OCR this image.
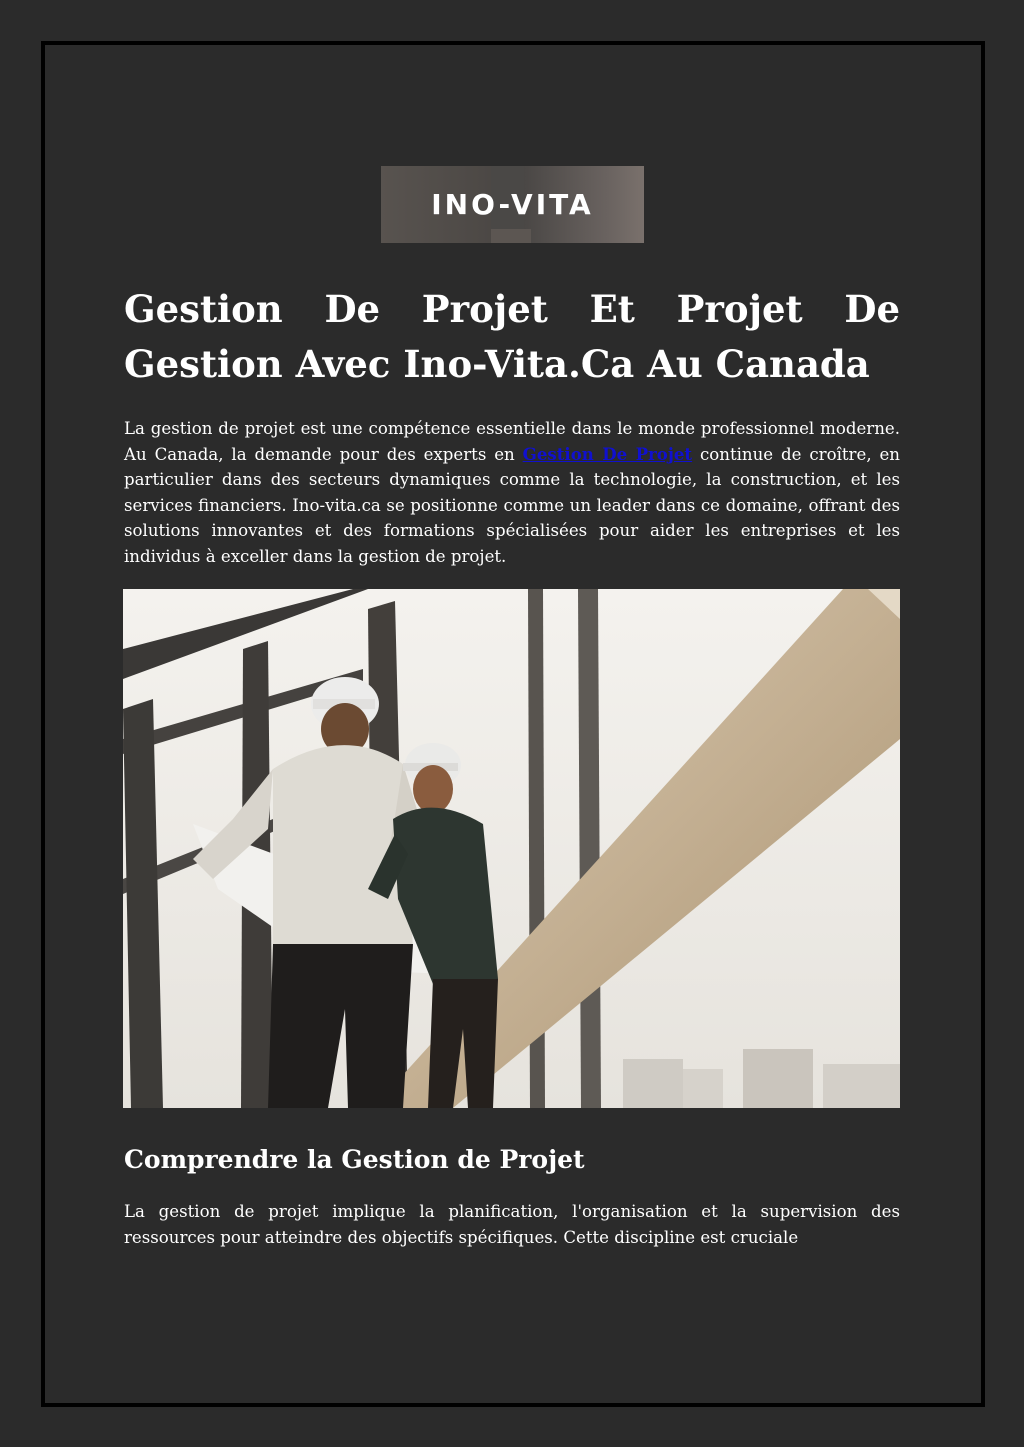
INO-VITA
Gestion De Projet Et Projet De
Gestion Avec Ino-Vita.Ca Au Canada

La gestion de projet est une compétence essentielle dans le monde professionnel moderne. Au Canada, la demande pour des experts en Gestion De Projet continue de croître, en particulier dans des secteurs dynamiques comme la technologie, la construction, et les services financiers. Ino-vita.ca se positionne comme un leader dans ce domaine, offrant des solutions innovantes et des formations spécialisées pour aider les entreprises et les individus à exceller dans la gestion de projet.

Comprendre la Gestion de Projet

La gestion de projet implique la planification, l'organisation et la supervision des ressources pour atteindre des objectifs spécifiques. Cette discipline est cruciale
